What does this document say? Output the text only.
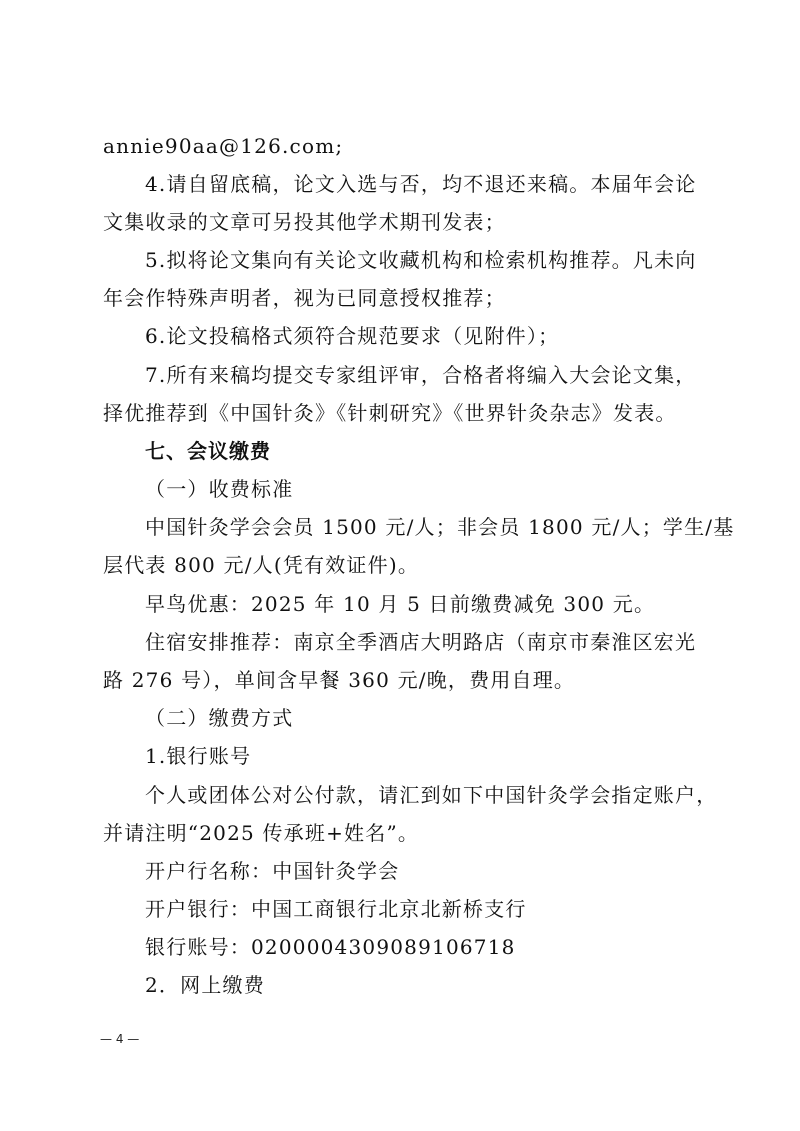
annie90aa@126.com;
4.请自留底稿，论文入选与否，均不退还来稿。本届年会论
文集收录的文章可另投其他学术期刊发表；
5.拟将论文集向有关论文收藏机构和检索机构推荐。凡未向
年会作特殊声明者，视为已同意授权推荐；
6.论文投稿格式须符合规范要求（见附件）；
7.所有来稿均提交专家组评审，合格者将编入大会论文集，
择优推荐到《中国针灸》《针刺研究》《世界针灸杂志》发表。
七、会议缴费
（一）收费标准
中国针灸学会会员 1500 元/人；非会员 1800 元/人；学生/基
层代表 800 元/人(凭有效证件)。
早鸟优惠：2025 年 10 月 5 日前缴费减免 300 元。
住宿安排推荐：南京全季酒店大明路店（南京市秦淮区宏光
路 276 号），单间含早餐 360 元/晚，费用自理。
（二）缴费方式
1.银行账号
个人或团体公对公付款，请汇到如下中国针灸学会指定账户，
并请注明“2025 传承班+姓名”。
开户行名称：中国针灸学会
开户银行：中国工商银行北京北新桥支行
银行账号：0200004309089106718
2．网上缴费
— 4 —
